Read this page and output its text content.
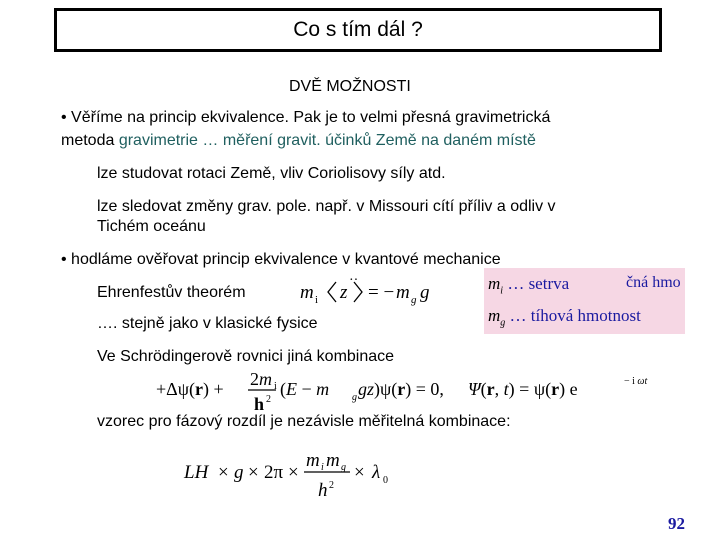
Co s tím dál ?
DVĚ MOŽNOSTI
• Věříme na princip ekvivalence. Pak je to velmi přesná gravimetrická
metoda gravimetrie … měření gravit. účinků Země na daném místě
lze studovat rotaci Země, vliv Coriolisovy síly atd.
lze sledovat změny grav. pole. např. v Missouri cítí příliv a odliv v
Tichém oceánu
• hodláme ověřovat princip ekvivalence v kvantové mechanice
Ehrenfestův theorém	m i z
··
= − m g g	$m_i$ … setrva	čná hmo
$m_g$ … tíhová hmotnost
…. stejně jako v klasické fysice
Ve Schrödingerově rovnici jiná kombinace
+Δψ(r) + 2m i
h 2
(E − m g gz)ψ(r) = 0, Ψ(r, t) = ψ(r) e	− i ωt
vzorec pro fázový rozdíl je nezávisle měřitelná kombinace:
LH × g × 2π ×
m i m g
h 2
× λ 0
92
